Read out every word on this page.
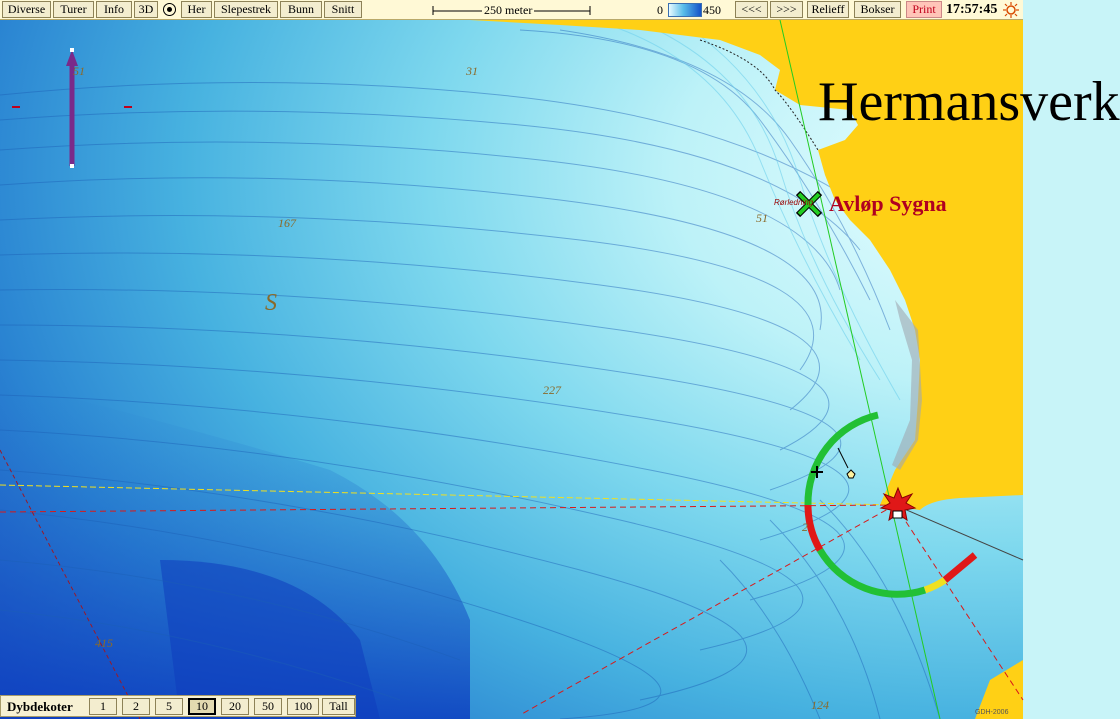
Hermansverk
Avløp Sygna
Rørledning
S
51	31
167
227
51
124
2
415
GDH-2006
Diverse	Turer	Info	3D	Her	Slepestrek	Bunn	Snitt	250 meter	0	450	<<<	>>>	Relieff	Bokser	Print 17:57:45
Dybdekoter	1	2	5	10	20	50	100	Tall
